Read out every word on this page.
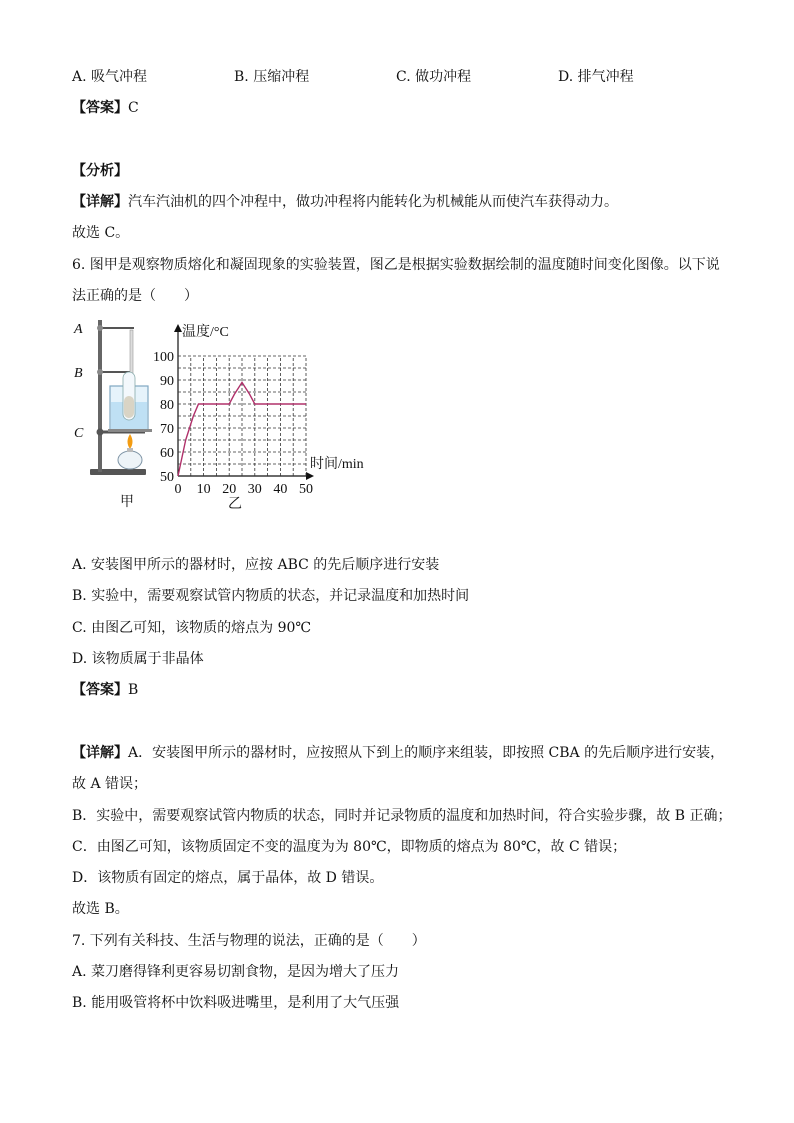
A. 吸气冲程	B. 压缩冲程	C. 做功冲程	D. 排气冲程
【答案】C
【分析】
【详解】汽车汽油机的四个冲程中，做功冲程将内能转化为机械能从而使汽车获得动力。
故选 C。
6. 图甲是观察物质熔化和凝固现象的实验装置，图乙是根据实验数据绘制的温度随时间变化图像。以下说
法正确的是（　　）
A
B
C
甲
100
90
80
70
60
50
0 10 20 30 40 50
温度/°C
时间/min
乙
A. 安装图甲所示的器材时，应按 ABC 的先后顺序进行安装
B. 实验中，需要观察试管内物质的状态，并记录温度和加热时间
C. 由图乙可知，该物质的熔点为 90℃
D. 该物质属于非晶体
【答案】B
【详解】A．安装图甲所示的器材时，应按照从下到上的顺序来组装，即按照 CBA 的先后顺序进行安装，
故 A 错误；
B．实验中，需要观察试管内物质的状态，同时并记录物质的温度和加热时间，符合实验步骤，故 B 正确；
C．由图乙可知，该物质固定不变的温度为为 80℃，即物质的熔点为 80℃，故 C 错误；
D．该物质有固定的熔点，属于晶体，故 D 错误。
故选 B。
7. 下列有关科技、生活与物理的说法，正确的是（　　）
A. 菜刀磨得锋利更容易切割食物，是因为增大了压力
B. 能用吸管将杯中饮料吸进嘴里，是利用了大气压强
